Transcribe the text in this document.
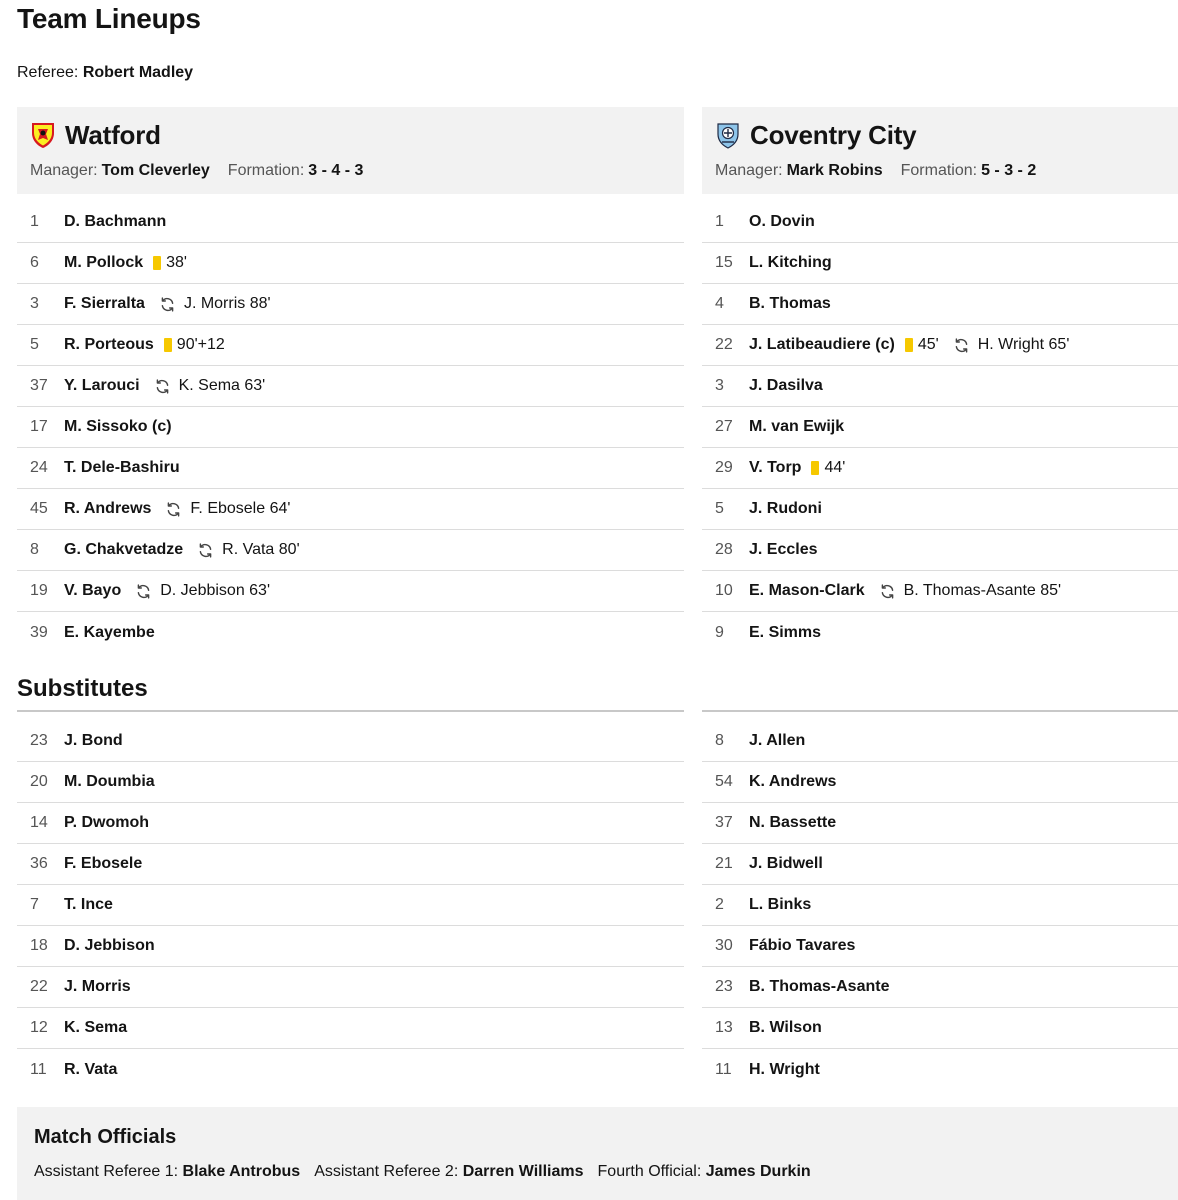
Team Lineups
Referee: Robert Madley
Watford
Manager: Tom Cleverley Formation: 3 - 4 - 3
1	D. Bachmann
6	M. Pollock 38'
3	F. Sierralta J. Morris 88'
5	R. Porteous 90'+12
37	Y. Larouci K. Sema 63'
17	M. Sissoko (c)
24	T. Dele-Bashiru
45	R. Andrews F. Ebosele 64'
8	G. Chakvetadze R. Vata 80'
19	V. Bayo D. Jebbison 63'
39	E. Kayembe
Coventry City
Manager: Mark Robins Formation: 5 - 3 - 2
1	O. Dovin
15	L. Kitching
4	B. Thomas
22	J. Latibeaudiere (c) 45' H. Wright 65'
3	J. Dasilva
27	M. van Ewijk
29	V. Torp 44'
5	J. Rudoni
28	J. Eccles
10	E. Mason-Clark B. Thomas-Asante 85'
9	E. Simms
Substitutes
23	J. Bond
20	M. Doumbia
14	P. Dwomoh
36	F. Ebosele
7	T. Ince
18	D. Jebbison
22	J. Morris
12	K. Sema
11	R. Vata
8	J. Allen
54	K. Andrews
37	N. Bassette
21	J. Bidwell
2	L. Binks
30	Fábio Tavares
23	B. Thomas-Asante
13	B. Wilson
11	H. Wright
Match Officials
Assistant Referee 1: Blake Antrobus Assistant Referee 2: Darren Williams Fourth Official: James Durkin
